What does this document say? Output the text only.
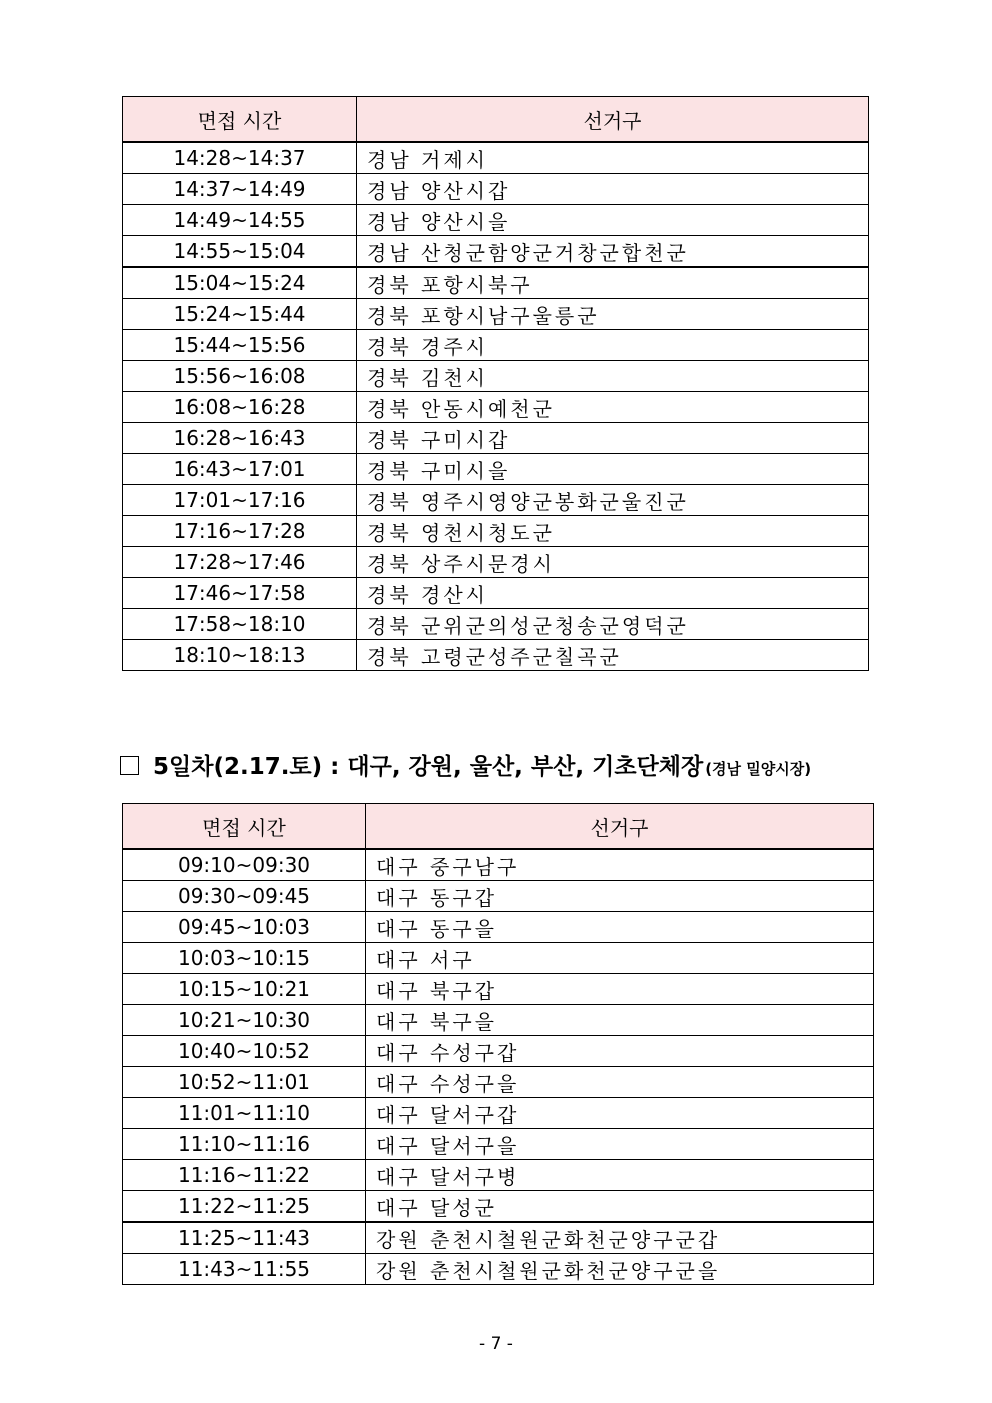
면접 시간	선거구
14:28~14:37	경남 거제시
14:37~14:49	경남 양산시갑
14:49~14:55	경남 양산시을
14:55~15:04	경남 산청군함양군거창군합천군
15:04~15:24	경북 포항시북구
15:24~15:44	경북 포항시남구울릉군
15:44~15:56	경북 경주시
15:56~16:08	경북 김천시
16:08~16:28	경북 안동시예천군
16:28~16:43	경북 구미시갑
16:43~17:01	경북 구미시을
17:01~17:16	경북 영주시영양군봉화군울진군
17:16~17:28	경북 영천시청도군
17:28~17:46	경북 상주시문경시
17:46~17:58	경북 경산시
17:58~18:10	경북 군위군의성군청송군영덕군
18:10~18:13	경북 고령군성주군칠곡군
5일차(2.17.토) : 대구, 강원, 울산, 부산, 기초단체장 (경남 밀양시장)
면접 시간	선거구
09:10~09:30	대구 중구남구
09:30~09:45	대구 동구갑
09:45~10:03	대구 동구을
10:03~10:15	대구 서구
10:15~10:21	대구 북구갑
10:21~10:30	대구 북구을
10:40~10:52	대구 수성구갑
10:52~11:01	대구 수성구을
11:01~11:10	대구 달서구갑
11:10~11:16	대구 달서구을
11:16~11:22	대구 달서구병
11:22~11:25	대구 달성군
11:25~11:43	강원 춘천시철원군화천군양구군갑
11:43~11:55	강원 춘천시철원군화천군양구군을
- 7 -
